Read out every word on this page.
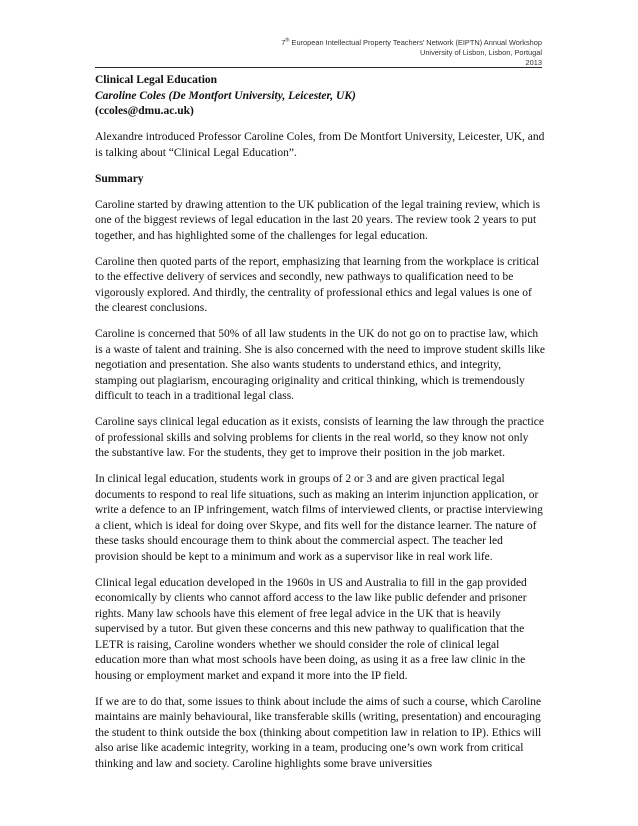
7th European Intellectual Property Teachers’ Network (EIPTN) Annual Workshop
University of Lisbon, Lisbon, Portugal
2013
Clinical Legal Education
Caroline Coles (De Montfort University, Leicester, UK)
(ccoles@dmu.ac.uk)

Alexandre introduced Professor Caroline Coles, from De Montfort University, Leicester, UK, and is talking about “Clinical Legal Education”.

Summary

Caroline started by drawing attention to the UK publication of the legal training review, which is one of the biggest reviews of legal education in the last 20 years. The review took 2 years to put together, and has highlighted some of the challenges for legal education.

Caroline then quoted parts of the report, emphasizing that learning from the workplace is critical to the effective delivery of services and secondly, new pathways to qualification need to be vigorously explored. And thirdly, the centrality of professional ethics and legal values is one of the clearest conclusions.

Caroline is concerned that 50% of all law students in the UK do not go on to practise law, which is a waste of talent and training. She is also concerned with the need to improve student skills like negotiation and presentation. She also wants students to understand ethics, and integrity, stamping out plagiarism, encouraging originality and critical thinking, which is tremendously difficult to teach in a traditional legal class.

Caroline says clinical legal education as it exists, consists of learning the law through the practice of professional skills and solving problems for clients in the real world, so they know not only the substantive law. For the students, they get to improve their position in the job market.

In clinical legal education, students work in groups of 2 or 3 and are given practical legal documents to respond to real life situations, such as making an interim injunction application, or write a defence to an IP infringement, watch films of interviewed clients, or practise interviewing a client, which is ideal for doing over Skype, and fits well for the distance learner. The nature of these tasks should encourage them to think about the commercial aspect. The teacher led provision should be kept to a minimum and work as a supervisor like in real work life.

Clinical legal education developed in the 1960s in US and Australia to fill in the gap provided economically by clients who cannot afford access to the law like public defender and prisoner rights. Many law schools have this element of free legal advice in the UK that is heavily supervised by a tutor. But given these concerns and this new pathway to qualification that the LETR is raising, Caroline wonders whether we should consider the role of clinical legal education more than what most schools have been doing, as using it as a free law clinic in the housing or employment market and expand it more into the IP field.

If we are to do that, some issues to think about include the aims of such a course, which Caroline maintains are mainly behavioural, like transferable skills (writing, presentation) and encouraging the student to think outside the box (thinking about competition law in relation to IP). Ethics will also arise like academic integrity, working in a team, producing one’s own work from critical thinking and law and society. Caroline highlights some brave universities
